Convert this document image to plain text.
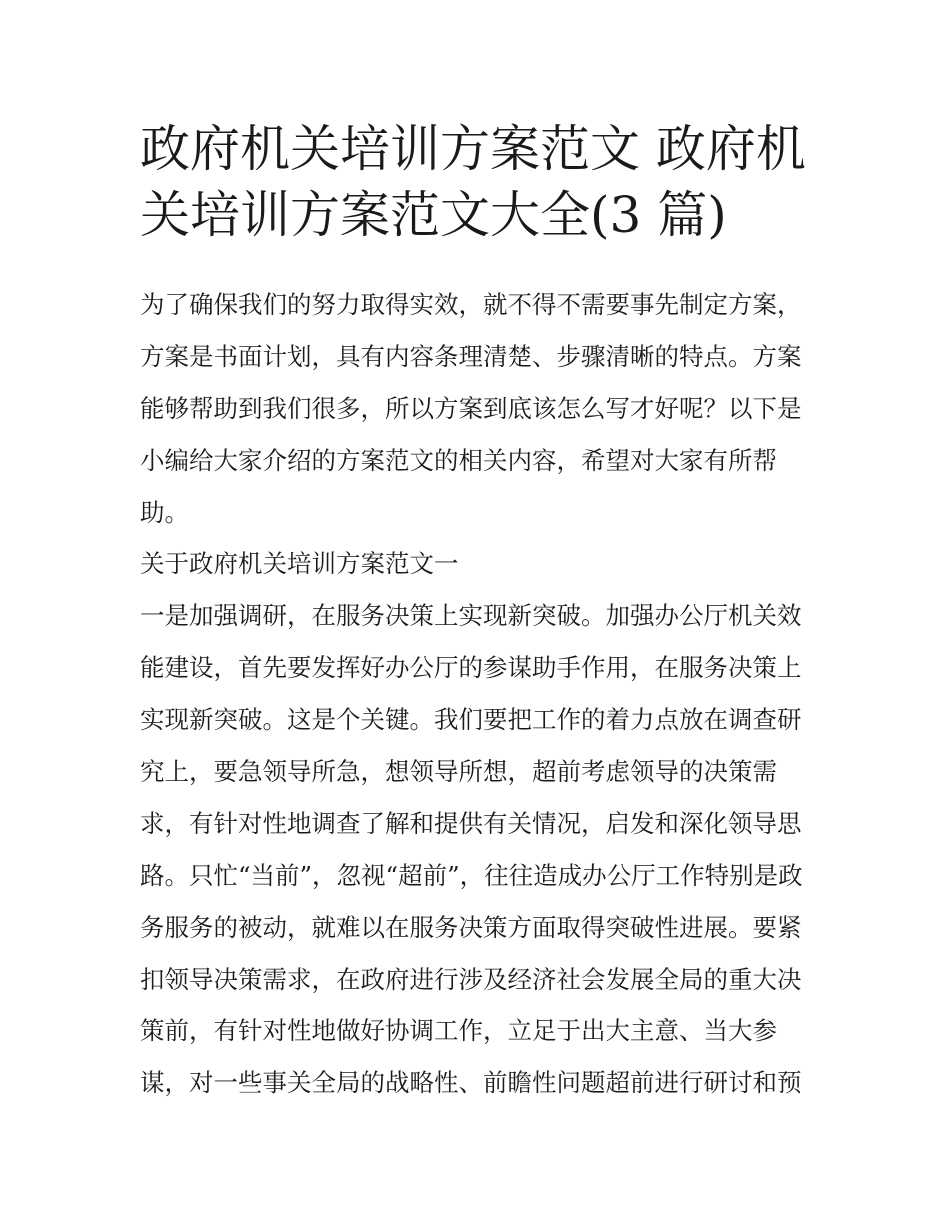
政府机关培训方案范文 政府机
关培训方案范文大全(3 篇)
为了确保我们的努力取得实效，就不得不需要事先制定方案，
方案是书面计划，具有内容条理清楚、步骤清晰的特点。方案
能够帮助到我们很多，所以方案到底该怎么写才好呢？以下是
小编给大家介绍的方案范文的相关内容，希望对大家有所帮
助。
关于政府机关培训方案范文一
一是加强调研，在服务决策上实现新突破。加强办公厅机关效
能建设，首先要发挥好办公厅的参谋助手作用，在服务决策上
实现新突破。这是个关键。我们要把工作的着力点放在调查研
究上，要急领导所急，想领导所想，超前考虑领导的决策需
求，有针对性地调查了解和提供有关情况，启发和深化领导思
路。只忙“当前”，忽视“超前”，往往造成办公厅工作特别是政
务服务的被动，就难以在服务决策方面取得突破性进展。要紧
扣领导决策需求，在政府进行涉及经济社会发展全局的重大决
策前，有针对性地做好协调工作，立足于出大主意、当大参
谋，对一些事关全局的战略性、前瞻性问题超前进行研讨和预
